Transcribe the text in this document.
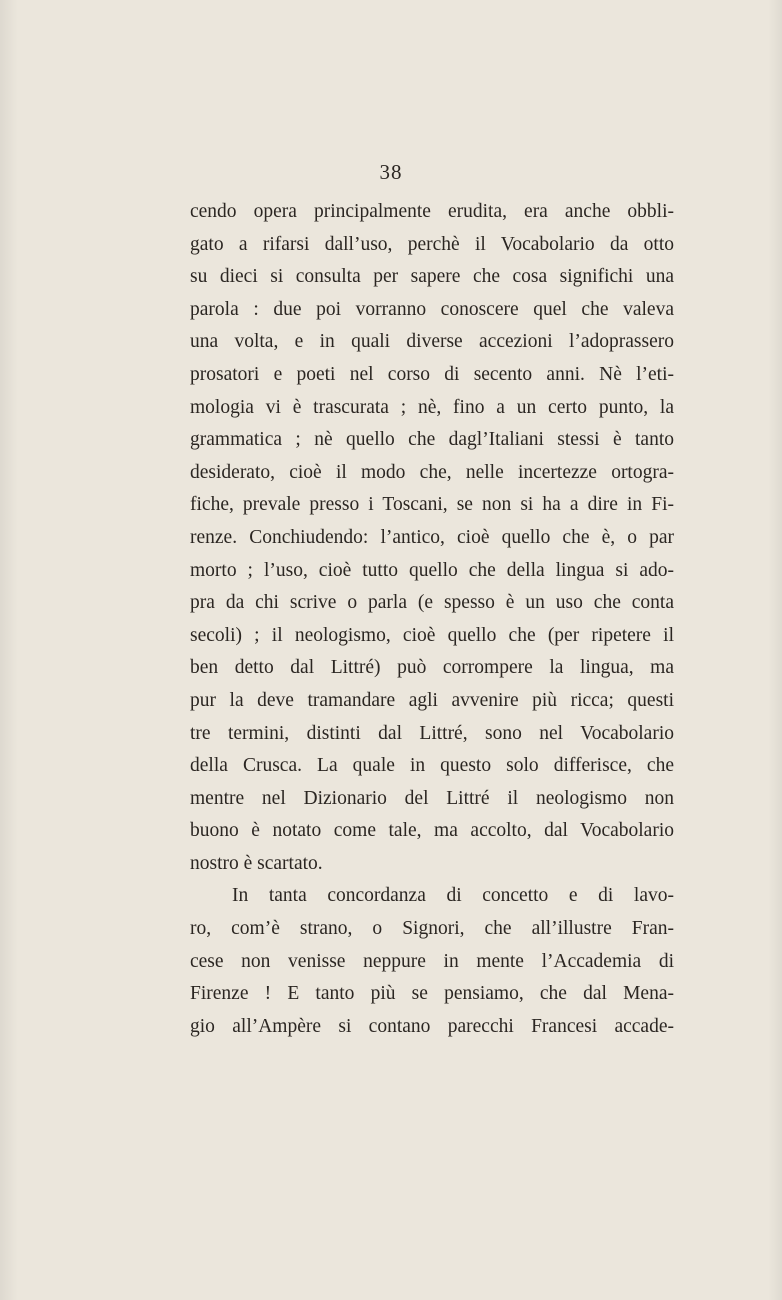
38
cendo opera principalmente erudita, era anche obbli-
gato a rifarsi dall’uso, perchè il Vocabolario da otto
su dieci si consulta per sapere che cosa significhi una
parola : due poi vorranno conoscere quel che valeva
una volta, e in quali diverse accezioni l’adoprassero
prosatori e poeti nel corso di secento anni. Nè l’eti-
mologia vi è trascurata ; nè, fino a un certo punto, la
grammatica ; nè quello che dagl’Italiani stessi è tanto
desiderato, cioè il modo che, nelle incertezze ortogra-
fiche, prevale presso i Toscani, se non si ha a dire in Fi-
renze. Conchiudendo: l’antico, cioè quello che è, o par
morto ; l’uso, cioè tutto quello che della lingua si ado-
pra da chi scrive o parla (e spesso è un uso che conta
secoli) ; il neologismo, cioè quello che (per ripetere il
ben detto dal Littré) può corrompere la lingua, ma
pur la deve tramandare agli avvenire più ricca; questi
tre termini, distinti dal Littré, sono nel Vocabolario
della Crusca. La quale in questo solo differisce, che
mentre nel Dizionario del Littré il neologismo non
buono è notato come tale, ma accolto, dal Vocabolario
nostro è scartato.
In tanta concordanza di concetto e di lavo-
ro, com’è strano, o Signori, che all’illustre Fran-
cese non venisse neppure in mente l’Accademia di
Firenze ! E tanto più se pensiamo, che dal Mena-
gio all’Ampère si contano parecchi Francesi accade-
